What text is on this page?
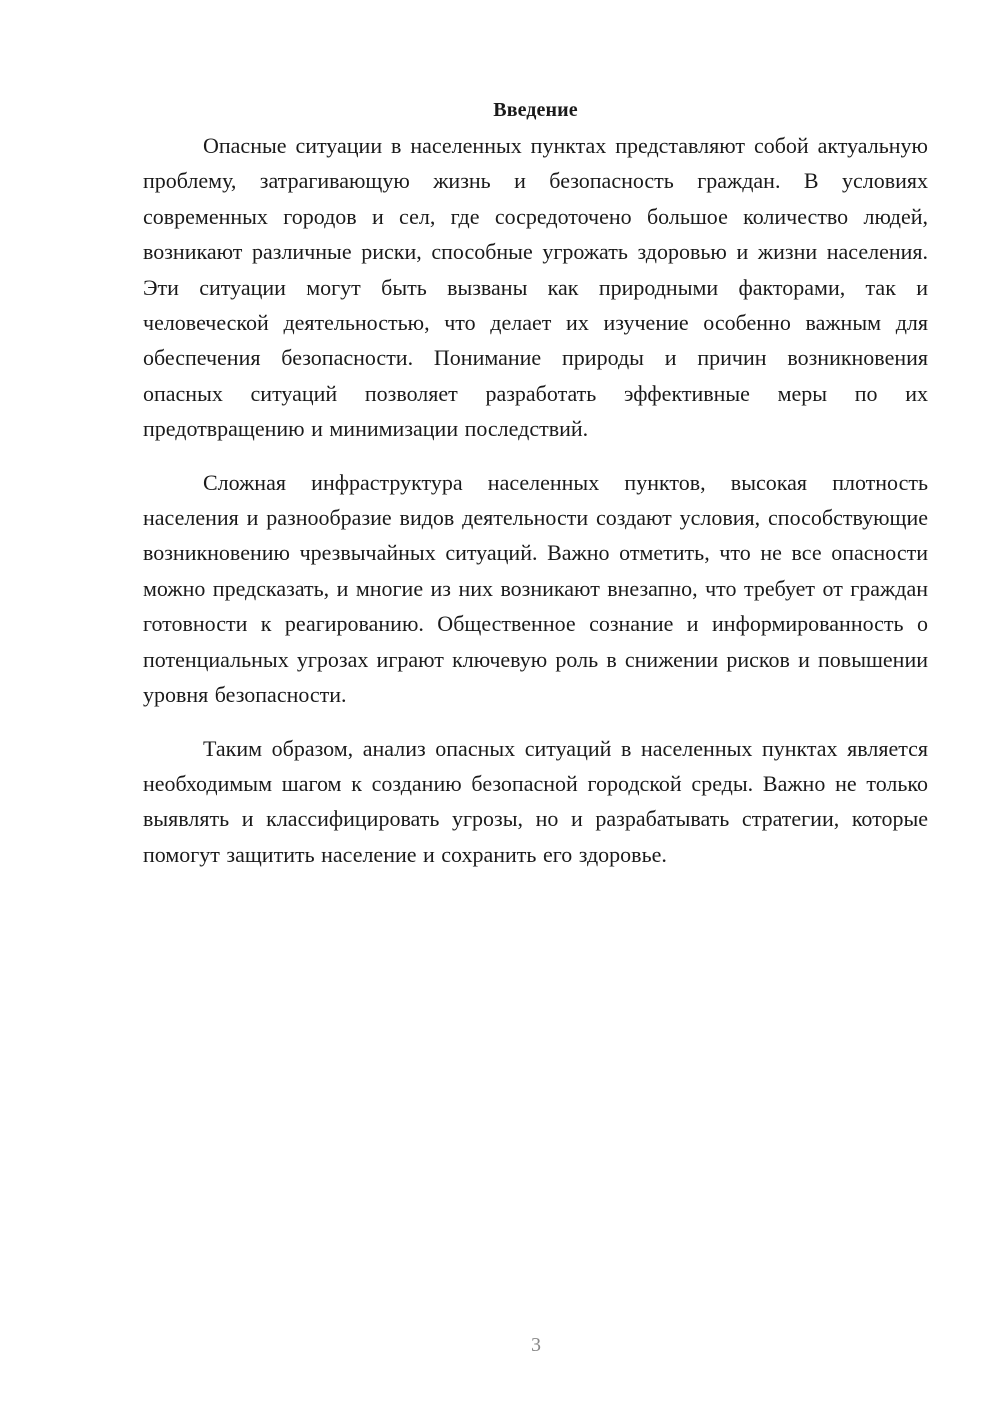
Введение

Опасные ситуации в населенных пунктах представляют собой актуальную проблему, затрагивающую жизнь и безопасность граждан. В условиях современных городов и сел, где сосредоточено большое количество людей, возникают различные риски, способные угрожать здоровью и жизни населения. Эти ситуации могут быть вызваны как природными факторами, так и человеческой деятельностью, что делает их изучение особенно важным для обеспечения безопасности. Понимание природы и причин возникновения опасных ситуаций позволяет разработать эффективные меры по их предотвращению и минимизации последствий.

Сложная инфраструктура населенных пунктов, высокая плотность населения и разнообразие видов деятельности создают условия, способствующие возникновению чрезвычайных ситуаций. Важно отметить, что не все опасности можно предсказать, и многие из них возникают внезапно, что требует от граждан готовности к реагированию. Общественное сознание и информированность о потенциальных угрозах играют ключевую роль в снижении рисков и повышении уровня безопасности.

Таким образом, анализ опасных ситуаций в населенных пунктах является необходимым шагом к созданию безопасной городской среды. Важно не только выявлять и классифицировать угрозы, но и разрабатывать стратегии, которые помогут защитить население и сохранить его здоровье.

3
